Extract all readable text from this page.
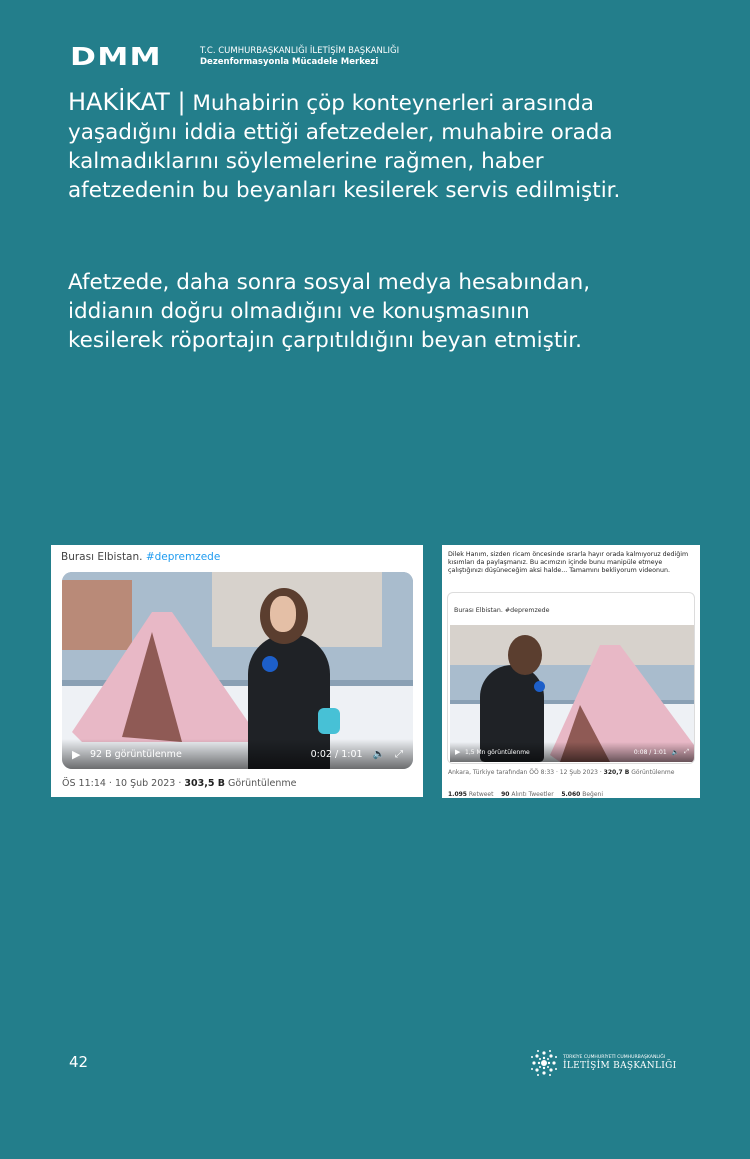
DMM	T.C. CUMHURBAŞKANLIĞI İLETİŞİM BAŞKANLIĞI
Dezenformasyonla Mücadele Merkezi

HAKİKAT | Muhabirin çöp konteynerleri arasında yaşadığını iddia ettiği afetzedeler, muhabire orada kalmadıklarını söylemelerine rağmen, haber afetzedenin bu beyanları kesilerek servis edilmiştir.

Afetzede, daha sonra sosyal medya hesabından, iddianın doğru olmadığını ve konuşmasının kesilerek röportajın çarpıtıldığını beyan etmiştir.

Burası Elbistan. #depremzede
▶	92 B görüntülenme	0:02 / 1:01 🔈 ⤢
ÖS 11:14 · 10 Şub 2023 · 303,5 B Görüntülenme
Dilek Hanım, sizden ricam öncesinde ısrarla hayır orada kalmıyoruz dediğim kısımları da paylaşmanız. Bu acımızın içinde bunu manipüle etmeye çalıştığınızı düşüneceğim aksi halde... Tamamını bekliyorum videonun.
Burası Elbistan. #depremzede
▶ 1,5 Mn görüntülenme	0:08 / 1:01 🔈 ⤢
Ankara, Türkiye tarafından ÖÖ 8:33 · 12 Şub 2023 · 320,7 B Görüntülenme
1.095 Retweet 90 Alıntı Tweetler 5.060 Beğeni
42	TÜRKİYE CUMHURİYETİ CUMHURBAŞKANLIĞI
İLETİŞİM BAŞKANLIĞI
